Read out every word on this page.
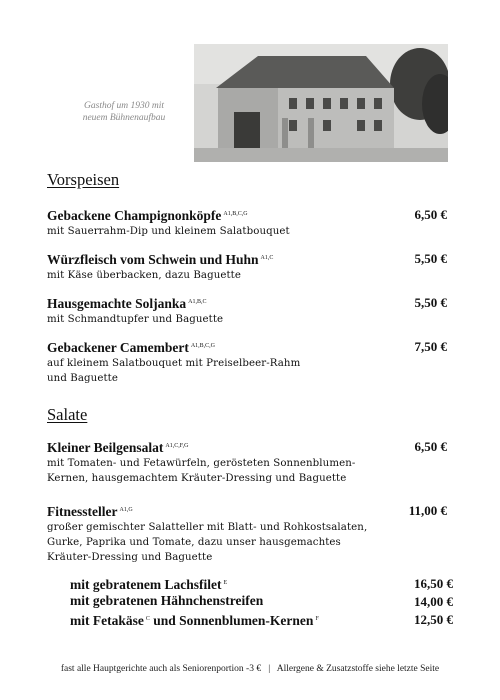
Gasthof um 1930 mit
neuem Bühnenaufbau
Vorspeisen
Gebackene Champignonköpfe $^{A1,B,C,G}$	6,50 €
mit Sauerrahm-Dip und kleinem Salatbouquet
Würzfleisch vom Schwein und Huhn $^{A1,C}$	5,50 €
mit Käse überbacken, dazu Baguette
Hausgemachte Soljanka $^{A1,B,C}$	5,50 €
mit Schmandtupfer und Baguette
Gebackener Camembert $^{A1,B,C,G}$	7,50 €
auf kleinem Salatbouquet mit Preiselbeer-Rahm
und Baguette
Salate
Kleiner Beilgensalat $^{A1,C,F,G}$	6,50 €
mit Tomaten- und Fetawürfeln, gerösteten Sonnenblumen-
Kernen, hausgemachtem Kräuter-Dressing und Baguette
Fitnessteller $^{A1,G}$	11,00 €
großer gemischter Salatteller mit Blatt- und Rohkostsalaten,
Gurke, Paprika und Tomate, dazu unser hausgemachtes
Kräuter-Dressing und Baguette
mit gebratenem Lachsfilet $^E$	16,50 €
mit gebratenen Hähnchenstreifen	14,00 €
mit Fetakäse $^C$ und Sonnenblumen-Kernen $^F$	12,50 €
fast alle Hauptgerichte auch als Seniorenportion -3 €   |   Allergene & Zusatzstoffe siehe letzte Seite
